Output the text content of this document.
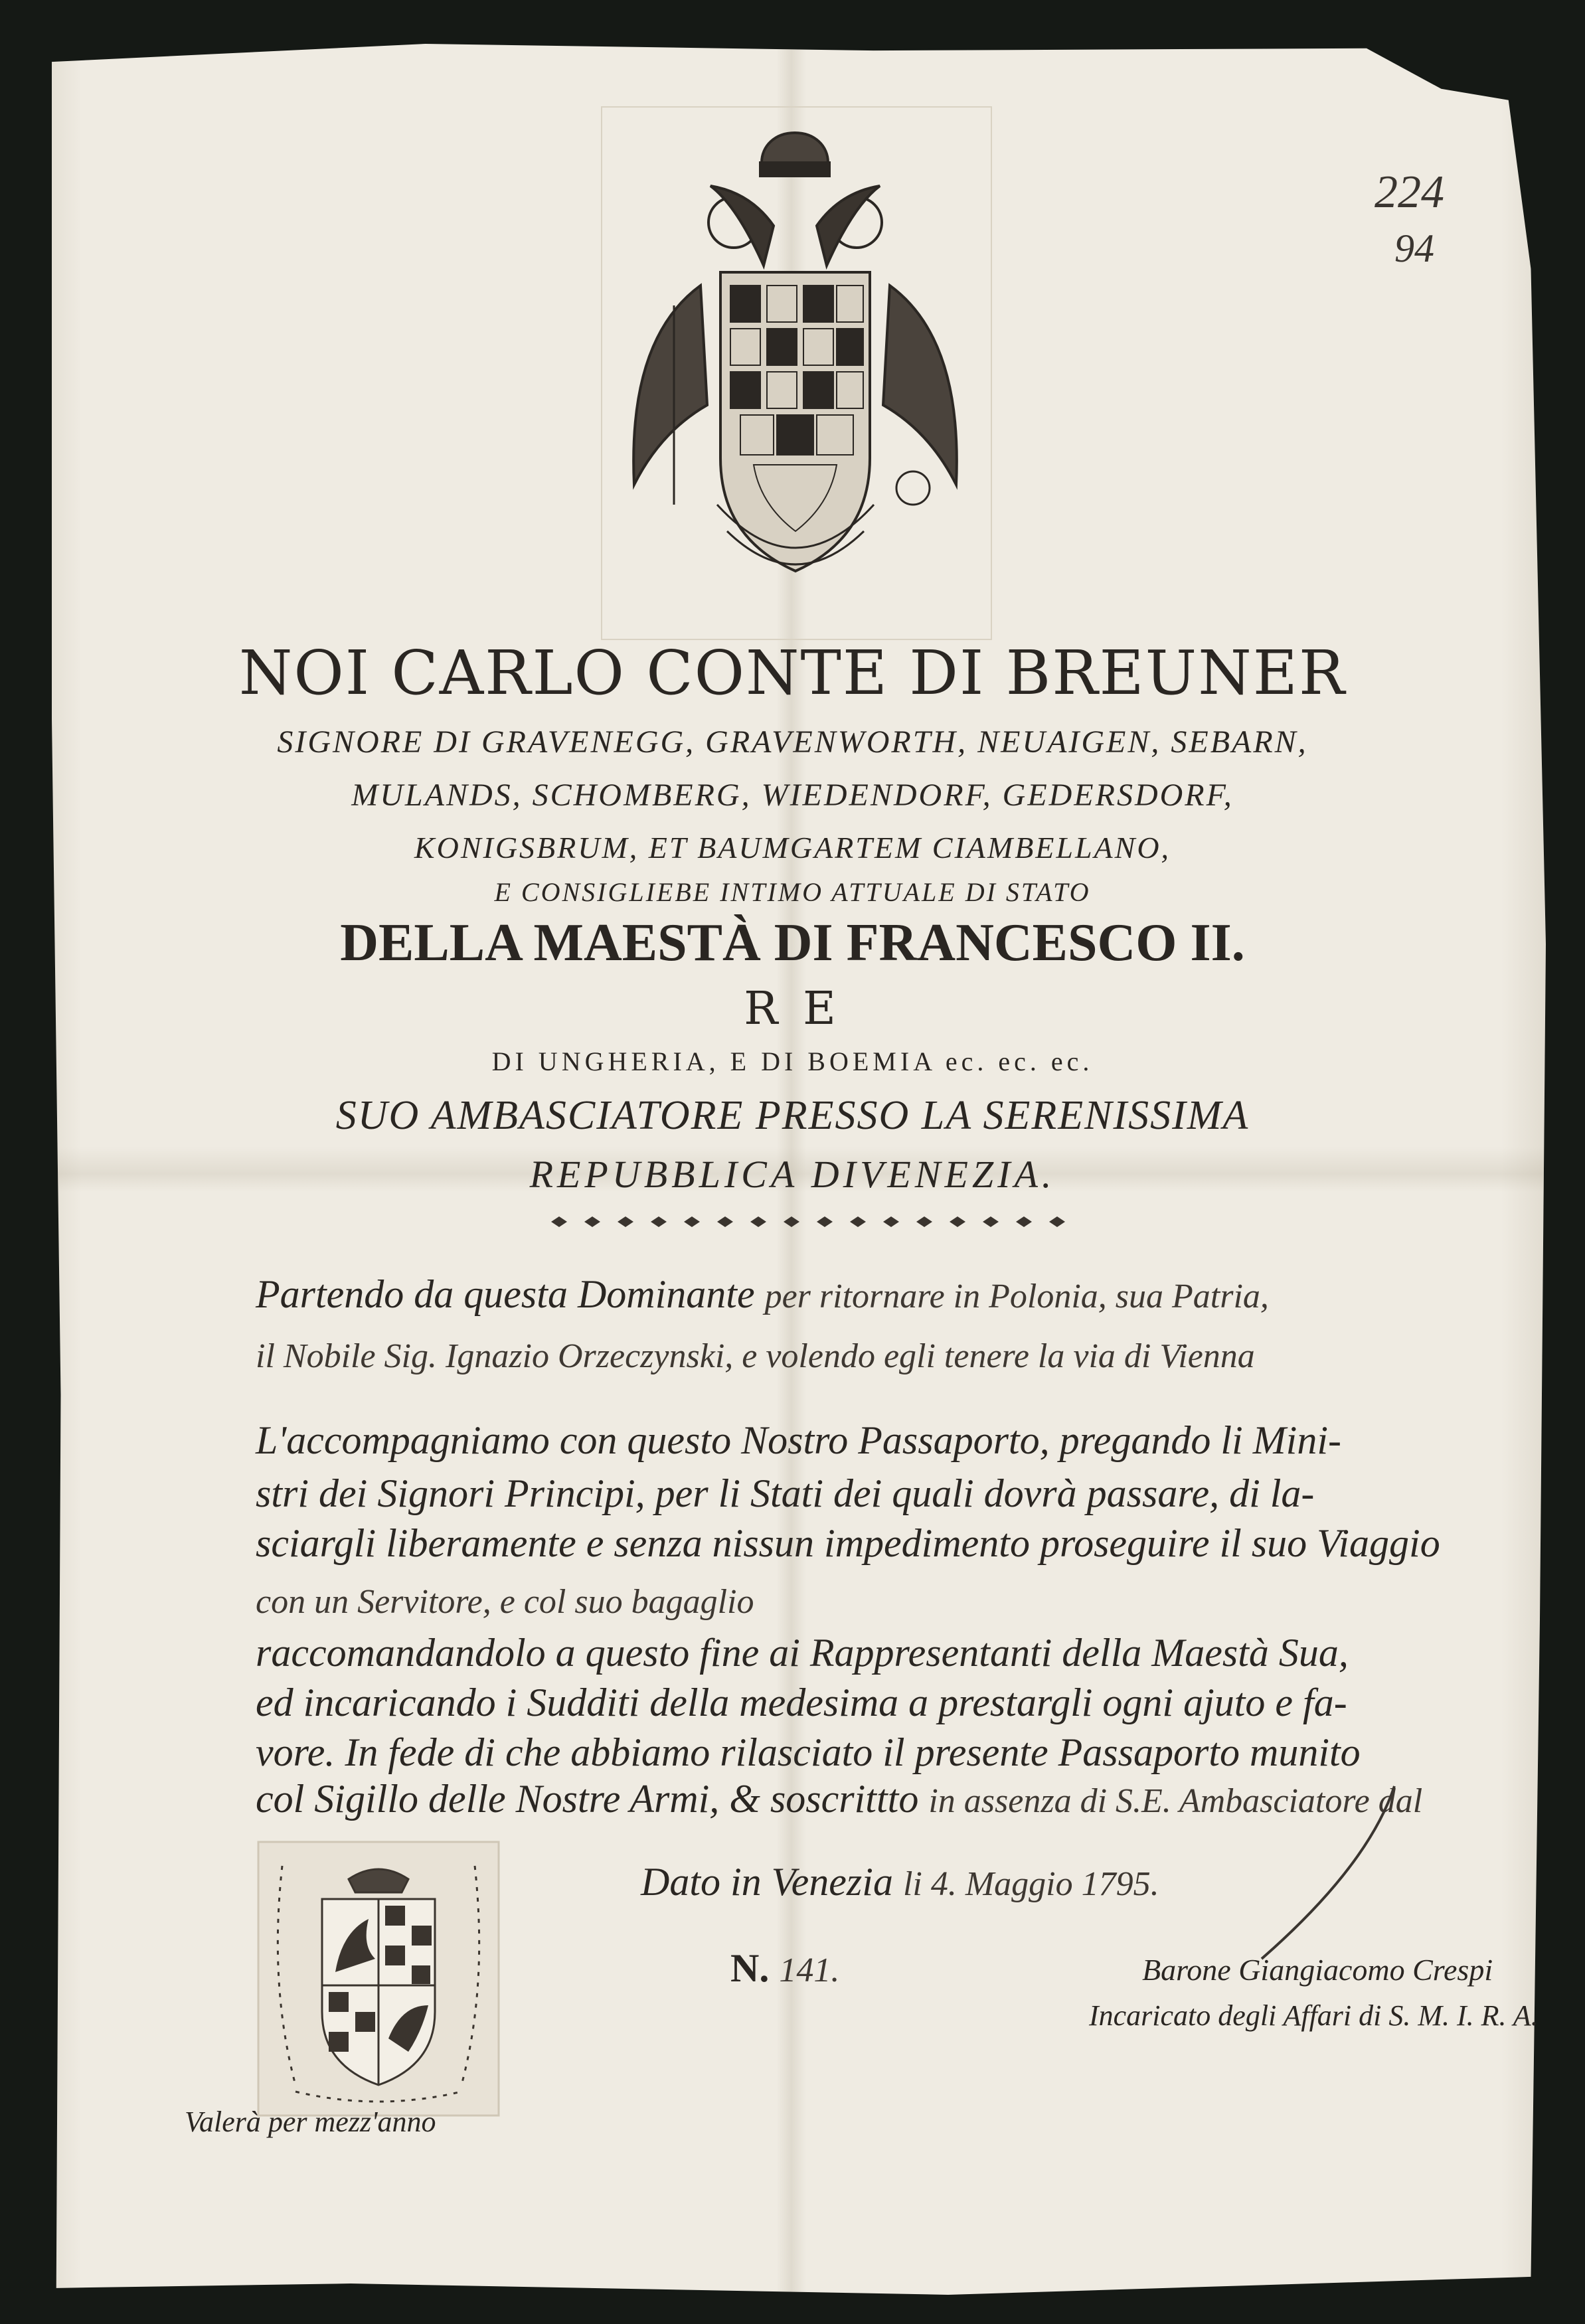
224
94
NOI CARLO CONTE DI BREUNER
SIGNORE DI GRAVENEGG, GRAVENWORTH, NEUAIGEN, SEBARN,
MULANDS, SCHOMBERG, WIEDENDORF, GEDERSDORF,
KONIGSBRUM, ET BAUMGARTEM CIAMBELLANO,
E CONSIGLIEBE INTIMO ATTUALE DI STATO
DELLA MAESTÀ DI FRANCESCO II.
R E
DI UNGHERIA, E DI BOEMIA ec. ec. ec.
SUO AMBASCIATORE PRESSO LA SERENISSIMA
REPUBBLICA DIVENEZIA.
Partendo da questa Dominante per ritornare in Polonia, sua Patria,
il Nobile Sig. Ignazio Orzeczynski, e volendo egli tenere la via di Vienna
L'accompagniamo con questo Nostro Passaporto, pregando li Mini-
stri dei Signori Principi, per li Stati dei quali dovrà passare, di la-
sciargli liberamente e senza nissun impedimento proseguire il suo Viaggio
con un Servitore, e col suo bagaglio
raccomandandolo a questo fine ai Rappresentanti della Maestà Sua,
ed incaricando i Sudditi della medesima a prestargli ogni ajuto e fa-
vore. In fede di che abbiamo rilasciato il presente Passaporto munito
col Sigillo delle Nostre Armi, & soscrittto in assenza di S.E. Ambasciatore dal
Dato in Venezia li 4. Maggio 1795.
N. 141.	Barone Giangiacomo Crespi
Incaricato degli Affari di S. M. I. R. A.
Valerà per mezz'anno
